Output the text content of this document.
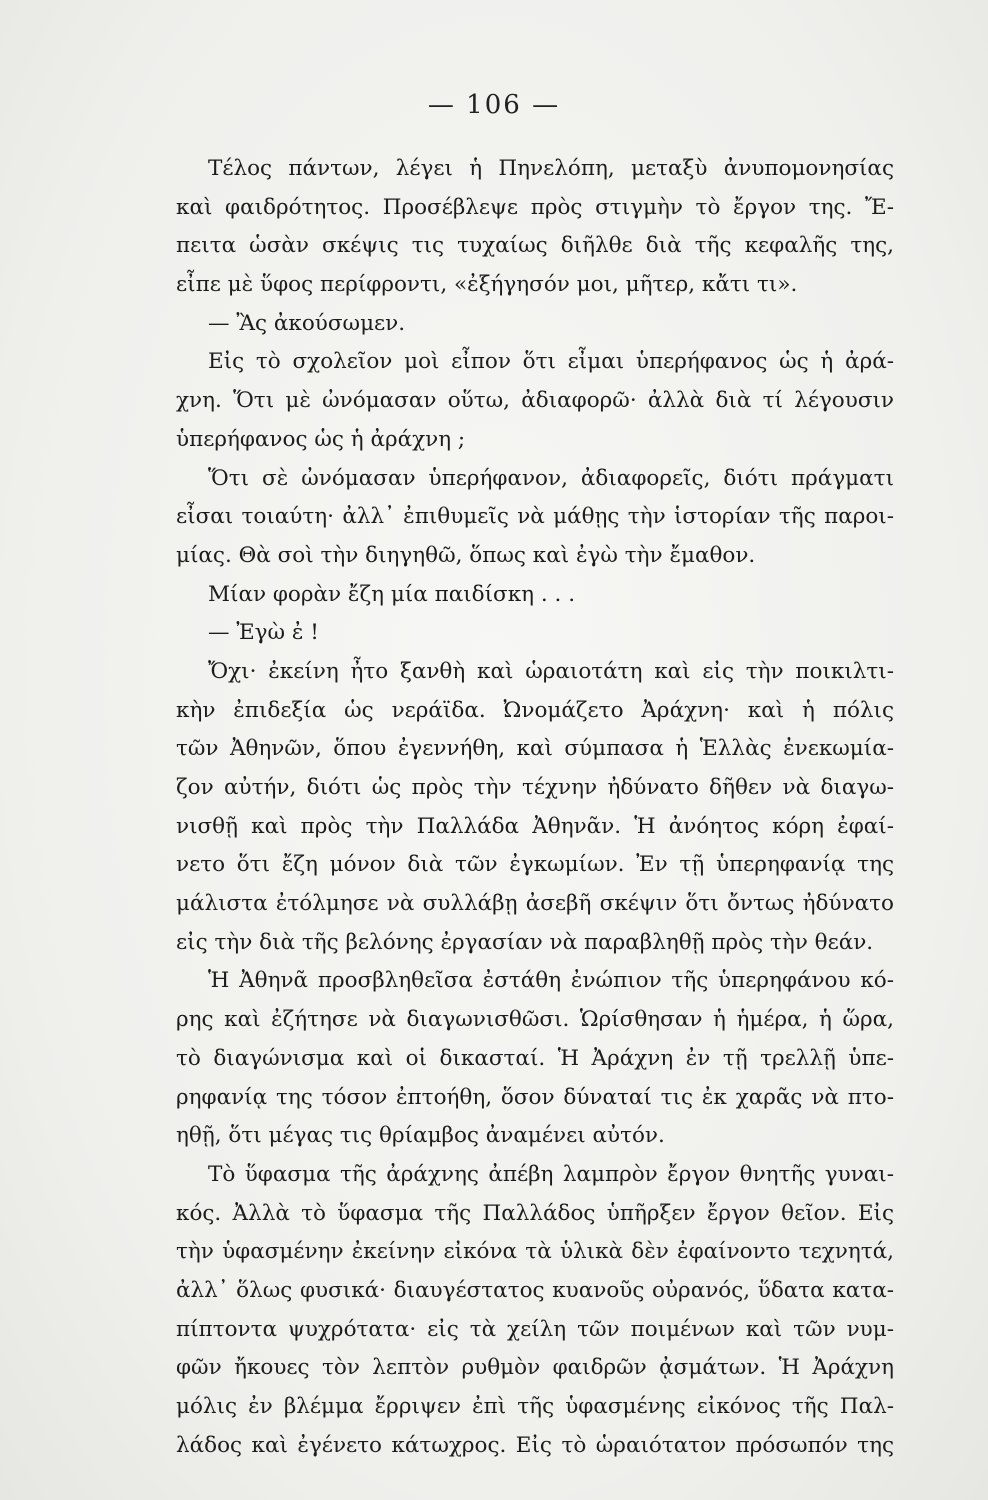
— 106 —
Τέλος πάντων, λέγει ἡ Πηνελόπη, μεταξὺ ἀνυπομονησίας
καὶ φαιδρότητος. Προσέβλεψε πρὸς στιγμὴν τὸ ἔργον της. Ἔ-
πειτα ὡσὰν σκέψις τις τυχαίως διῆλθε διὰ τῆς κεφαλῆς της,
εἶπε μὲ ὕφος περίφροντι, «ἐξήγησόν μοι, μῆτερ, κἄτι τι».
— Ἂς ἀκούσωμεν.
Εἰς τὸ σχολεῖον μοὶ εἶπον ὅτι εἶμαι ὑπερήφανος ὡς ἡ ἀρά-
χνη. Ὅτι μὲ ὠνόμασαν οὕτω, ἀδιαφορῶ· ἀλλὰ διὰ τί λέγουσιν
ὑπερήφανος ὡς ἡ ἀράχνη ;
Ὅτι σὲ ὠνόμασαν ὑπερήφανον, ἀδιαφορεῖς, διότι πράγματι
εἶσαι τοιαύτη· ἀλλ᾽ ἐπιθυμεῖς νὰ μάθῃς τὴν ἱστορίαν τῆς παροι-
μίας. Θὰ σοὶ τὴν διηγηθῶ, ὅπως καὶ ἐγὼ τὴν ἔμαθον.
Μίαν φορὰν ἔζη μία παιδίσκη . . .
— Ἐγὼ ἐ !
Ὄχι· ἐκείνη ἦτο ξανθὴ καὶ ὡραιοτάτη καὶ εἰς τὴν ποικιλτι-
κὴν ἐπιδεξία ὡς νεράϊδα. Ὠνομάζετο Ἀράχνη· καὶ ἡ πόλις
τῶν Ἀθηνῶν, ὅπου ἐγεννήθη, καὶ σύμπασα ἡ Ἑλλὰς ἐνεκωμία-
ζον αὐτήν, διότι ὡς πρὸς τὴν τέχνην ἠδύνατο δῆθεν νὰ διαγω-
νισθῇ καὶ πρὸς τὴν Παλλάδα Ἀθηνᾶν. Ἡ ἀνόητος κόρη ἐφαί-
νετο ὅτι ἔζη μόνον διὰ τῶν ἐγκωμίων. Ἐν τῇ ὑπερηφανίᾳ της
μάλιστα ἐτόλμησε νὰ συλλάβῃ ἀσεβῆ σκέψιν ὅτι ὄντως ἠδύνατο
εἰς τὴν διὰ τῆς βελόνης ἐργασίαν νὰ παραβληθῇ πρὸς τὴν θεάν.
Ἡ Ἀθηνᾶ προσβληθεῖσα ἐστάθη ἐνώπιον τῆς ὑπερηφάνου κό-
ρης καὶ ἐζήτησε νὰ διαγωνισθῶσι. Ὡρίσθησαν ἡ ἡμέρα, ἡ ὥρα,
τὸ διαγώνισμα καὶ οἱ δικασταί. Ἡ Ἀράχνη ἐν τῇ τρελλῇ ὑπε-
ρηφανίᾳ της τόσον ἐπτοήθη, ὅσον δύναταί τις ἐκ χαρᾶς νὰ πτο-
ηθῇ, ὅτι μέγας τις θρίαμβος ἀναμένει αὐτόν.
Τὸ ὕφασμα τῆς ἀράχνης ἀπέβη λαμπρὸν ἔργον θνητῆς γυναι-
κός. Ἀλλὰ τὸ ὕφασμα τῆς Παλλάδος ὑπῆρξεν ἔργον θεῖον. Εἰς
τὴν ὑφασμένην ἐκείνην εἰκόνα τὰ ὑλικὰ δὲν ἐφαίνοντο τεχνητά,
ἀλλ᾽ ὅλως φυσικά· διαυγέστατος κυανοῦς οὐρανός, ὕδατα κατα-
πίπτοντα ψυχρότατα· εἰς τὰ χείλη τῶν ποιμένων καὶ τῶν νυμ-
φῶν ἤκουες τὸν λεπτὸν ρυθμὸν φαιδρῶν ᾀσμάτων. Ἡ Ἀράχνη
μόλις ἐν βλέμμα ἔρριψεν ἐπὶ τῆς ὑφασμένης εἰκόνος τῆς Παλ-
λάδος καὶ ἐγένετο κάτωχρος. Εἰς τὸ ὡραιότατον πρόσωπόν της
